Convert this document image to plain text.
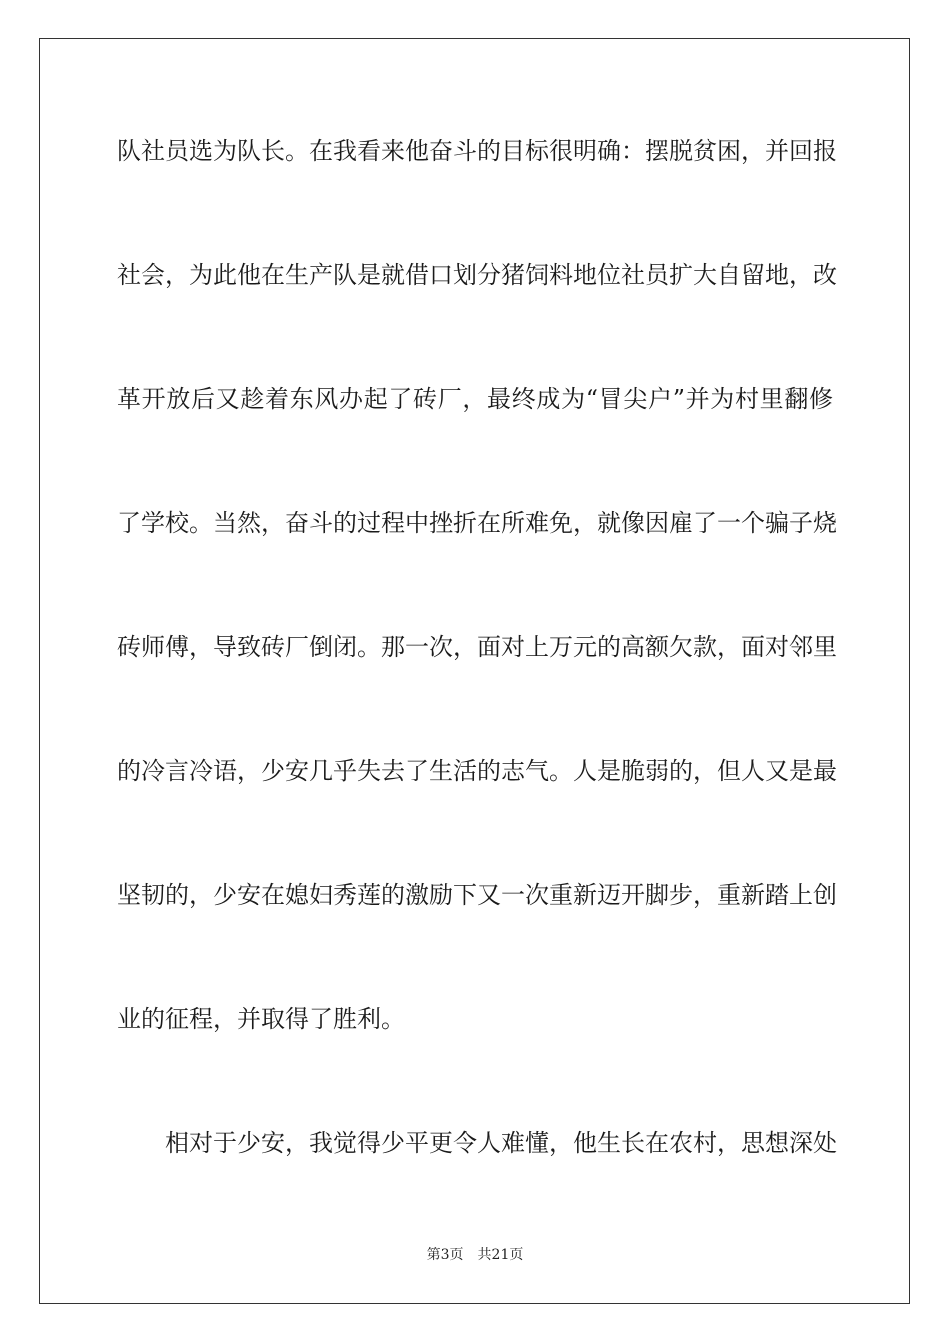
队社员选为队长。在我看来他奋斗的目标很明确：摆脱贫困，并回报
社会，为此他在生产队是就借口划分猪饲料地位社员扩大自留地，改
革开放后又趁着东风办起了砖厂，最终成为“冒尖户”并为村里翻修
了学校。当然，奋斗的过程中挫折在所难免，就像因雇了一个骗子烧
砖师傅，导致砖厂倒闭。那一次，面对上万元的高额欠款，面对邻里
的冷言冷语，少安几乎失去了生活的志气。人是脆弱的，但人又是最
坚韧的，少安在媳妇秀莲的激励下又一次重新迈开脚步，重新踏上创
业的征程，并取得了胜利。
相对于少安，我觉得少平更令人难懂，他生长在农村，思想深处
第3页 共21页
